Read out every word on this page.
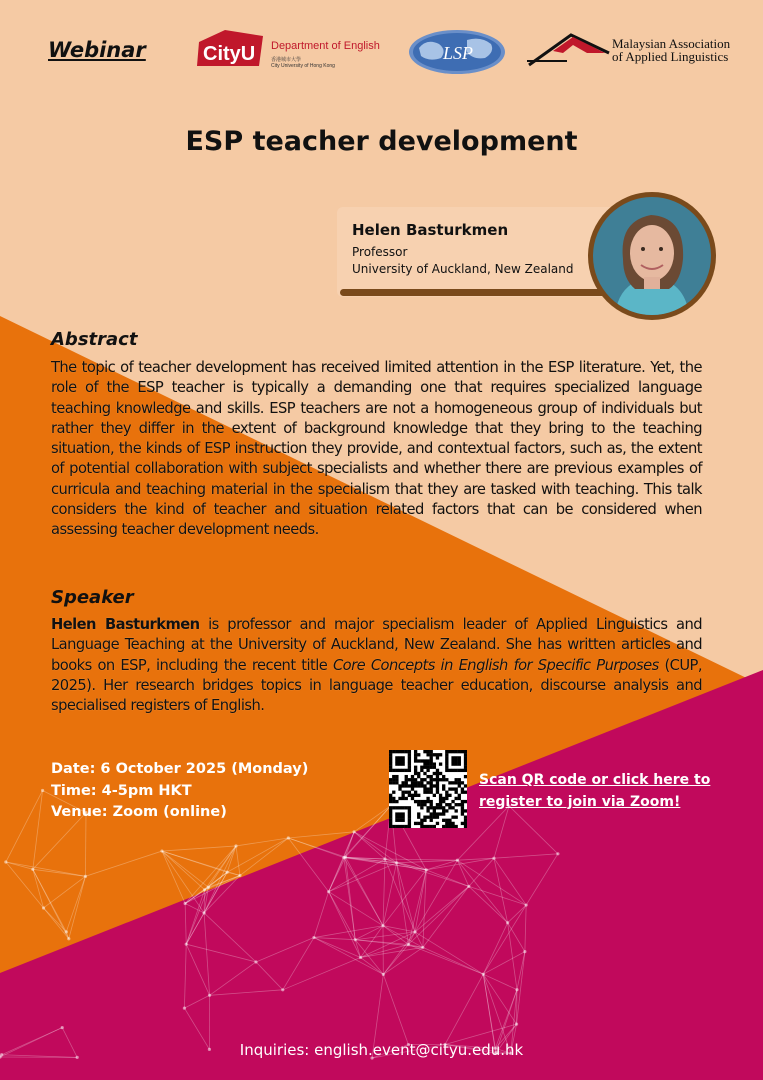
Webinar	CityU Department of English
香港城市大學
City University of Hong Kong
LSP	Malaysian Association
of Applied Linguistics
ESP teacher development
Helen Basturkmen
Professor
University of Auckland, New Zealand
Abstract

The topic of teacher development has received limited attention in the ESP literature. Yet, the role of the ESP teacher is typically a demanding one that requires specialized language teaching knowledge and skills. ESP teachers are not a homogeneous group of individuals but rather they differ in the extent of background knowledge that they bring to the teaching situation, the kinds of ESP instruction they provide, and contextual factors, such as, the extent of potential collaboration with subject specialists and whether there are previous examples of curricula and teaching material in the specialism that they are tasked with teaching. This talk considers the kind of teacher and situation related factors that can be considered when assessing teacher development needs.

Speaker

Helen Basturkmen is professor and major specialism leader of Applied Linguistics and Language Teaching at the University of Auckland, New Zealand. She has written articles and books on ESP, including the recent title Core Concepts in English for Specific Purposes (CUP, 2025). Her research bridges topics in language teacher education, discourse analysis and specialised registers of English.

Date: 6 October 2025 (Monday)
Time: 4-5pm HKT
Venue: Zoom (online)
Scan QR code or click here to register to join via Zoom!
Inquiries: english.event@cityu.edu.hk
